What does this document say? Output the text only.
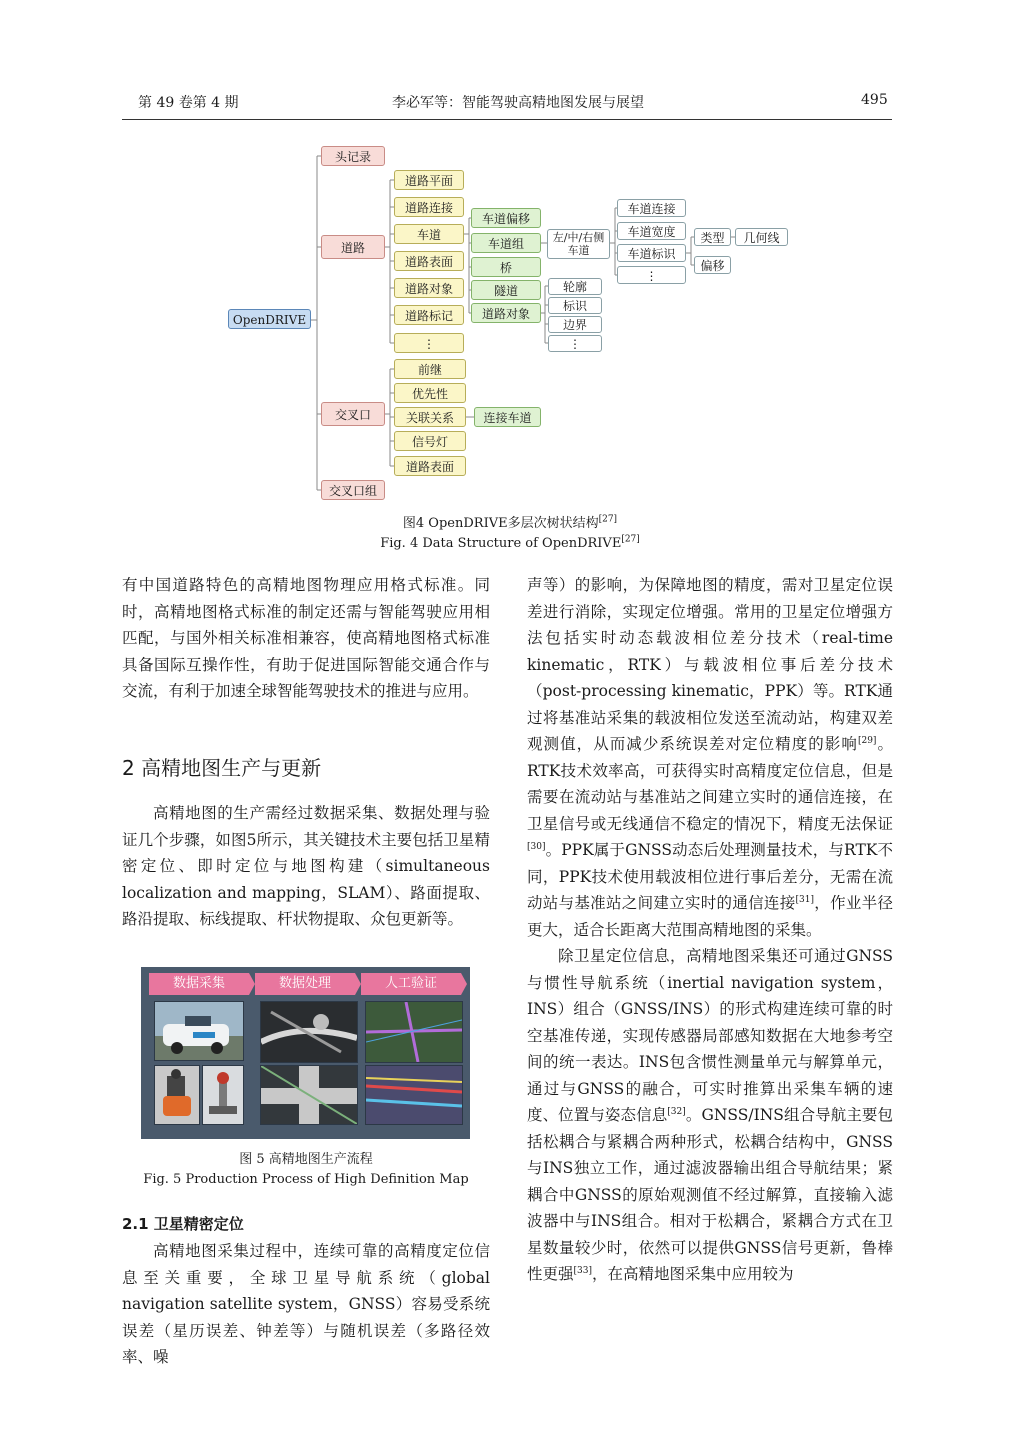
第 49 卷第 4 期	李必军等：智能驾驶高精地图发展与展望	495
OpenDRIVE
头记录
道路
交叉口
交叉口组
道路平面
道路连接
车道
道路表面
道路对象
道路标记
⋮
车道偏移
车道组
桥
隧道
道路对象
左/中/右侧车道
车道连接
车道宽度
车道标识
⋮
类型
偏移
几何线
轮廓
标识
边界
⋮
前继
优先性
关联关系
信号灯
道路表面
连接车道
图4 OpenDRIVE多层次树状结构[27]
Fig. 4 Data Structure of OpenDRIVE[27]

有中国道路特色的高精地图物理应用格式标准。同时，高精地图格式标准的制定还需与智能驾驶应用相匹配，与国外相关标准相兼容，使高精地图格式标准具备国际互操作性，有助于促进国际智能交通合作与交流，有利于加速全球智能驾驶技术的推进与应用。

2 高精地图生产与更新

高精地图的生产需经过数据采集、数据处理与验证几个步骤，如图5所示，其关键技术主要包括卫星精密定位、即时定位与地图构建（simultaneous localization and mapping，SLAM）、路面提取、路沿提取、标线提取、杆状物提取、众包更新等。

数据采集	数据处理	人工验证
图 5 高精地图生产流程
Fig. 5 Production Process of High Definition Map
2.1 卫星精密定位

高精地图采集过程中，连续可靠的高精度定位信息至关重要，全球卫星导航系统（global navigation satellite system，GNSS）容易受系统误差（星历误差、钟差等）与随机误差（多路径效率、噪

声等）的影响，为保障地图的精度，需对卫星定位误差进行消除，实现定位增强。常用的卫星定位增强方法包括实时动态载波相位差分技术（real-time kinematic，RTK）与载波相位事后差分技术（post-processing kinematic，PPK）等。RTK通过将基准站采集的载波相位发送至流动站，构建双差观测值，从而减少系统误差对定位精度的影响[29]。RTK技术效率高，可获得实时高精度定位信息，但是需要在流动站与基准站之间建立实时的通信连接，在卫星信号或无线通信不稳定的情况下，精度无法保证[30]。PPK属于GNSS动态后处理测量技术，与RTK不同，PPK技术使用载波相位进行事后差分，无需在流动站与基准站之间建立实时的通信连接[31]，作业半径更大，适合长距离大范围高精地图的采集。

除卫星定位信息，高精地图采集还可通过GNSS与惯性导航系统（inertial navigation system，INS）组合（GNSS/INS）的形式构建连续可靠的时空基准传递，实现传感器局部感知数据在大地参考空间的统一表达。INS包含惯性测量单元与解算单元，通过与GNSS的融合，可实时推算出采集车辆的速度、位置与姿态信息[32]。GNSS/INS组合导航主要包括松耦合与紧耦合两种形式，松耦合结构中，GNSS与INS独立工作，通过滤波器输出组合导航结果；紧耦合中GNSS的原始观测值不经过解算，直接输入滤波器中与INS组合。相对于松耦合，紧耦合方式在卫星数量较少时，依然可以提供GNSS信号更新，鲁棒性更强[33]，在高精地图采集中应用较为
